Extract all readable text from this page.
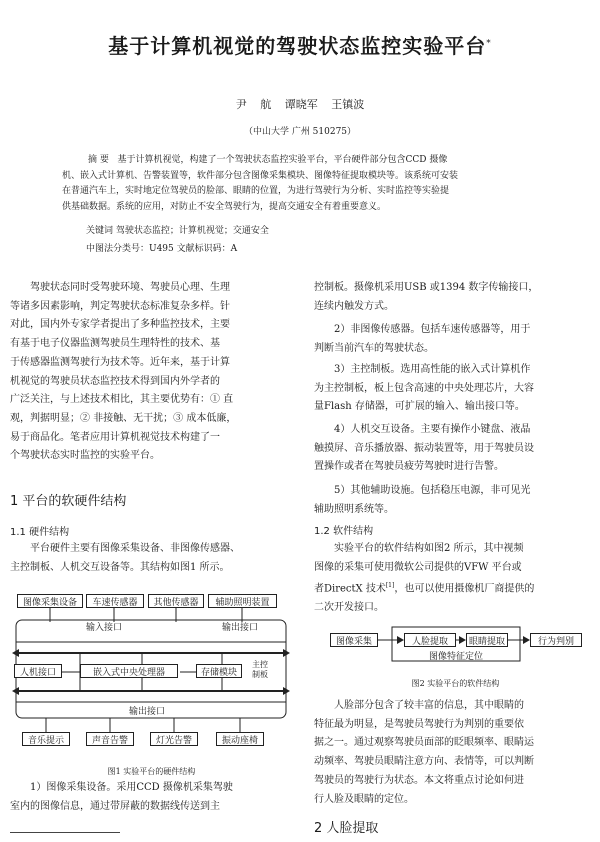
基于计算机视觉的驾驶状态监控实验平台*
尹 航 谭晓军 王镇波
（中山大学 广州 510275）
摘 要 基于计算机视觉，构建了一个驾驶状态监控实验平台，平台硬件部分包含CCD 摄像
机、嵌入式计算机、告警装置等，软件部分包含图像采集模块、图像特征提取模块等。该系统可安装
在普通汽车上，实时地定位驾驶员的脸部、眼睛的位置，为进行驾驶行为分析、实时监控等实验提
供基础数据。系统的应用，对防止不安全驾驶行为，提高交通安全有着重要意义。
关键词 驾驶状态监控；计算机视觉；交通安全
中图法分类号：U495 文献标识码：A
驾驶状态同时受驾驶环境、驾驶员心理、生理
等诸多因素影响，判定驾驶状态标准复杂多样。针
对此，国内外专家学者提出了多种监控技术，主要
有基于电子仪器监测驾驶员生理特性的技术、基
于传感器监测驾驶行为技术等。近年来，基于计算
机视觉的驾驶员状态监控技术得到国内外学者的
广泛关注，与上述技术相比，其主要优势有：① 直
观，判据明显；② 非接触、无干扰；③ 成本低廉，
易于商品化。笔者应用计算机视觉技术构建了一
个驾驶状态实时监控的实验平台。
1 平台的软硬件结构
1.1 硬件结构
平台硬件主要有图像采集设备、非图像传感器、
主控制板、人机交互设备等。其结构如图1 所示。
图像采集设备	车速传感器	其他传感器	辅助照明装置
输入接口	输出接口
人机接口	嵌入式中央处理器	存储模块
主控制板
输出接口
音乐提示	声音告警	灯光告警	振动座椅
图1 实验平台的硬件结构
1）图像采集设备。采用CCD 摄像机采集驾驶
室内的图像信息，通过带屏蔽的数据线传送到主
控制板。摄像机采用USB 或1394 数字传输接口，
连续内触发方式。
2）非图像传感器。包括车速传感器等，用于
判断当前汽车的驾驶状态。
3）主控制板。选用高性能的嵌入式计算机作
为主控制板，板上包含高速的中央处理芯片，大容
量Flash 存储器，可扩展的输入、输出接口等。
4）人机交互设备。主要有操作小键盘、液晶
触摸屏、音乐播放器、振动装置等，用于驾驶员设
置操作或者在驾驶员疲劳驾驶时进行告警。
5）其他辅助设施。包括稳压电源，非可见光
辅助照明系统等。
1.2 软件结构
实验平台的软件结构如图2 所示，其中视频
图像的采集可使用微软公司提供的VFW 平台或
者DirectX 技术[1]，也可以使用摄像机厂商提供的
二次开发接口。
图像采集	人脸提取	眼睛提取	行为判别
图像特征定位
图2 实验平台的软件结构
人脸部分包含了较丰富的信息，其中眼睛的
特征最为明显，是驾驶员驾驶行为判别的重要依
据之一。通过观察驾驶员面部的眨眼频率、眼睛运
动频率、驾驶员眼睛注意方向、表情等，可以判断
驾驶员的驾驶行为状态。本文将重点讨论如何进
行人脸及眼睛的定位。
2 人脸提取
